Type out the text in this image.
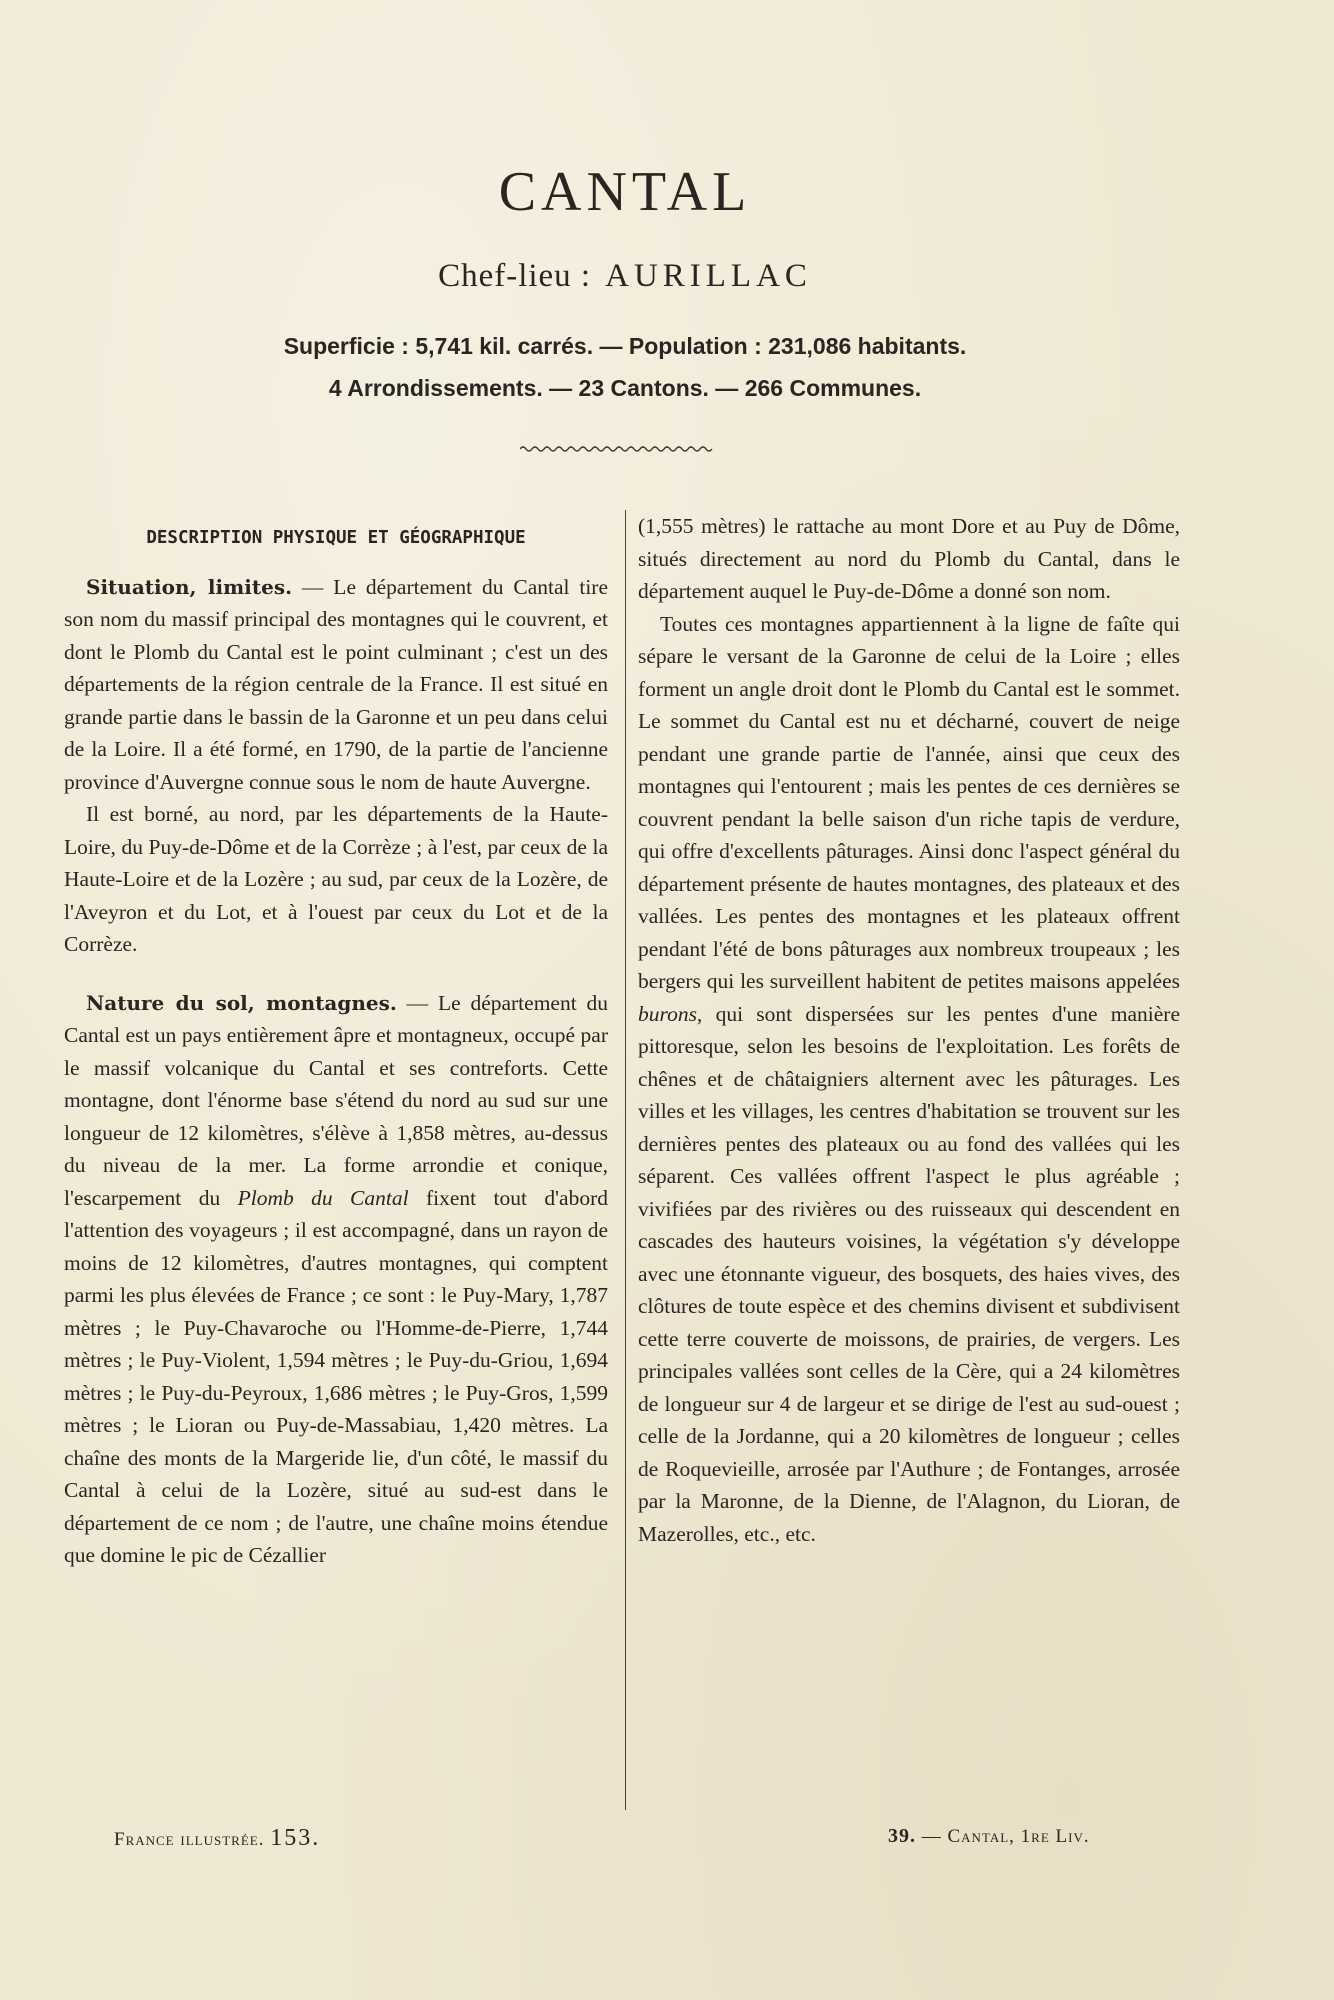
CANTAL
Chef-lieu : AURILLAC
Superficie : 5,741 kil. carrés. — Population : 231,086 habitants.
4 Arrondissements. — 23 Cantons. — 266 Communes.
DESCRIPTION PHYSIQUE ET GÉOGRAPHIQUE

Situation, limites. — Le département du Cantal tire son nom du massif principal des montagnes qui le couvrent, et dont le Plomb du Cantal est le point culminant ; c'est un des départements de la région centrale de la France. Il est situé en grande partie dans le bassin de la Garonne et un peu dans celui de la Loire. Il a été formé, en 1790, de la partie de l'ancienne province d'Auvergne connue sous le nom de haute Auvergne.

Il est borné, au nord, par les départements de la Haute-Loire, du Puy-de-Dôme et de la Corrèze ; à l'est, par ceux de la Haute-Loire et de la Lozère ; au sud, par ceux de la Lozère, de l'Aveyron et du Lot, et à l'ouest par ceux du Lot et de la Corrèze.

Nature du sol, montagnes. — Le département du Cantal est un pays entièrement âpre et montagneux, occupé par le massif volcanique du Cantal et ses contreforts. Cette montagne, dont l'énorme base s'étend du nord au sud sur une longueur de 12 kilomètres, s'élève à 1,858 mètres, au-dessus du niveau de la mer. La forme arrondie et conique, l'escarpement du Plomb du Cantal fixent tout d'abord l'attention des voyageurs ; il est accompagné, dans un rayon de moins de 12 kilomètres, d'autres montagnes, qui comptent parmi les plus élevées de France ; ce sont : le Puy-Mary, 1,787 mètres ; le Puy-Chavaroche ou l'Homme-de-Pierre, 1,744 mètres ; le Puy-Violent, 1,594 mètres ; le Puy-du-Griou, 1,694 mètres ; le Puy-du-Peyroux, 1,686 mètres ; le Puy-Gros, 1,599 mètres ; le Lioran ou Puy-de-Massabiau, 1,420 mètres. La chaîne des monts de la Margeride lie, d'un côté, le massif du Cantal à celui de la Lozère, situé au sud-est dans le département de ce nom ; de l'autre, une chaîne moins étendue que domine le pic de Cézallier

(1,555 mètres) le rattache au mont Dore et au Puy de Dôme, situés directement au nord du Plomb du Cantal, dans le département auquel le Puy-de-Dôme a donné son nom.

Toutes ces montagnes appartiennent à la ligne de faîte qui sépare le versant de la Garonne de celui de la Loire ; elles forment un angle droit dont le Plomb du Cantal est le sommet. Le sommet du Cantal est nu et décharné, couvert de neige pendant une grande partie de l'année, ainsi que ceux des montagnes qui l'entourent ; mais les pentes de ces dernières se couvrent pendant la belle saison d'un riche tapis de verdure, qui offre d'excellents pâturages. Ainsi donc l'aspect général du département présente de hautes montagnes, des plateaux et des vallées. Les pentes des montagnes et les plateaux offrent pendant l'été de bons pâturages aux nombreux troupeaux ; les bergers qui les surveillent habitent de petites maisons appelées burons, qui sont dispersées sur les pentes d'une manière pittoresque, selon les besoins de l'exploitation. Les forêts de chênes et de châtaigniers alternent avec les pâturages. Les villes et les villages, les centres d'habitation se trouvent sur les dernières pentes des plateaux ou au fond des vallées qui les séparent. Ces vallées offrent l'aspect le plus agréable ; vivifiées par des rivières ou des ruisseaux qui descendent en cascades des hauteurs voisines, la végétation s'y développe avec une étonnante vigueur, des bosquets, des haies vives, des clôtures de toute espèce et des chemins divisent et subdivisent cette terre couverte de moissons, de prairies, de vergers. Les principales vallées sont celles de la Cère, qui a 24 kilomètres de longueur sur 4 de largeur et se dirige de l'est au sud-ouest ; celle de la Jordanne, qui a 20 kilomètres de longueur ; celles de Roquevieille, arrosée par l'Authure ; de Fontanges, arrosée par la Maronne, de la Dienne, de l'Alagnon, du Lioran, de Mazerolles, etc., etc.

France illustrée. 153.	39. — Cantal, 1re Liv.
